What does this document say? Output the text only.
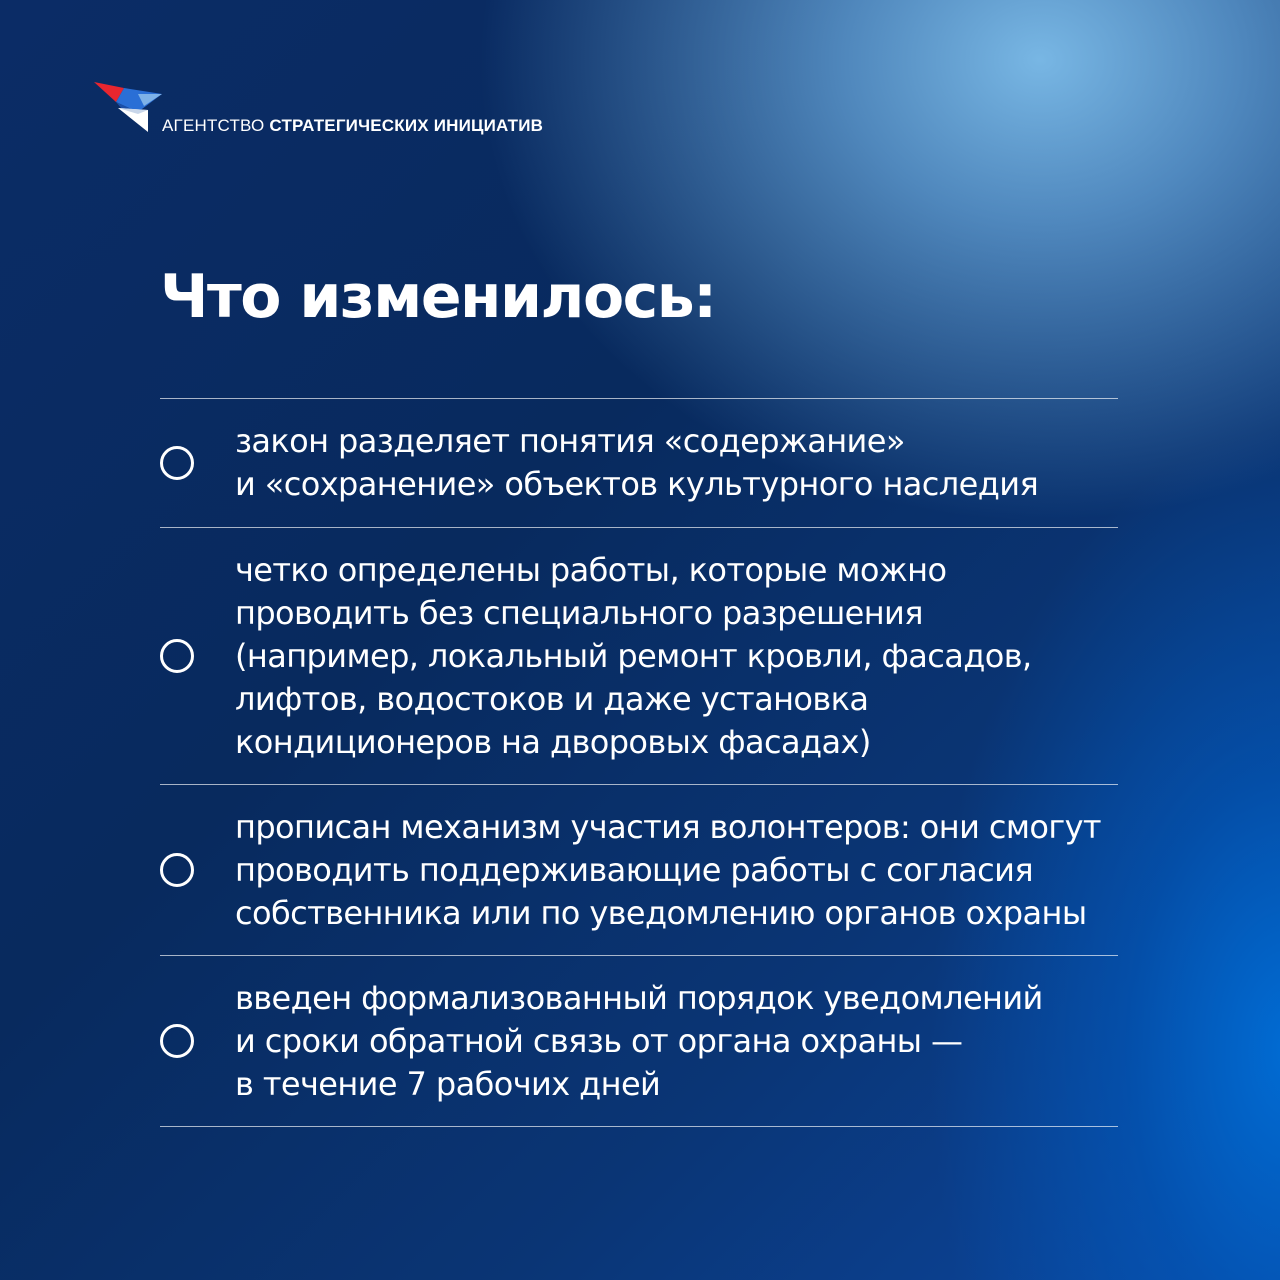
АГЕНТСТВО СТРАТЕГИЧЕСКИХ ИНИЦИАТИВ
Что изменилось:
закон разделяет понятия «содержание»
и «сохранение» объектов культурного наследия
четко определены работы, которые можно
проводить без специального разрешения
(например, локальный ремонт кровли, фасадов,
лифтов, водостоков и даже установка
кондиционеров на дворовых фасадах)
прописан механизм участия волонтеров: они смогут
проводить поддерживающие работы с согласия
собственника или по уведомлению органов охраны
введен формализованный порядок уведомлений
и сроки обратной связь от органа охраны —
в течение 7 рабочих дней
